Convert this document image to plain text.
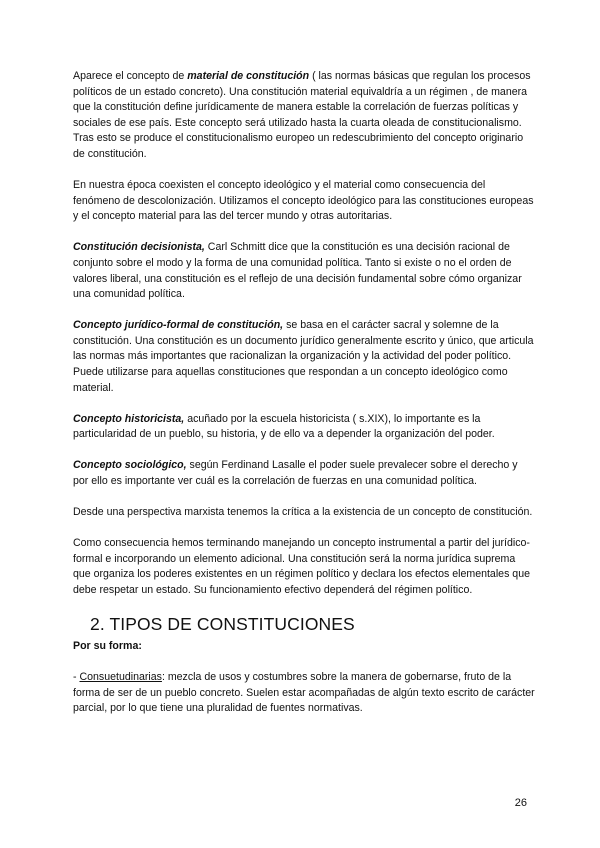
Aparece el concepto de material de constitución ( las normas básicas que regulan los procesos políticos de un estado concreto). Una constitución material equivaldría a un régimen , de manera que la constitución define jurídicamente de manera estable la correlación de fuerzas políticas y sociales de ese país. Este concepto será utilizado hasta la cuarta oleada de constitucionalismo.

Tras esto se produce el constitucionalismo europeo un redescubrimiento del concepto originario de constitución.

En nuestra época coexisten el concepto ideológico y el material como consecuencia del fenómeno de descolonización. Utilizamos el concepto ideológico para las constituciones europeas y el concepto material para las del tercer mundo y otras autoritarias.

Constitución decisionista, Carl Schmitt dice que la constitución es una decisión racional de conjunto sobre el modo y la forma de una comunidad política. Tanto si existe o no el orden de valores liberal, una constitución es el reflejo de una decisión fundamental sobre cómo organizar una comunidad política.

Concepto jurídico-formal de constitución, se basa en el carácter sacral y solemne de la constitución. Una constitución es un documento jurídico generalmente escrito y único, que articula las normas más importantes que racionalizan la organización y la actividad del poder político. Puede utilizarse para aquellas constituciones que respondan a un concepto ideológico como material.

Concepto historicista, acuñado por la escuela historicista ( s.XIX), lo importante es la particularidad de un pueblo, su historia, y de ello va a depender la organización del poder.

Concepto sociológico, según Ferdinand Lasalle el poder suele prevalecer sobre el derecho y por ello es importante ver cuál es la correlación de fuerzas en una comunidad política.

Desde una perspectiva marxista tenemos la crítica a la existencia de un concepto de constitución.

Como consecuencia hemos terminando manejando un concepto instrumental a partir del jurídico-formal e incorporando un elemento adicional. Una constitución será la norma jurídica suprema que organiza los poderes existentes en un régimen político y declara los efectos elementales que debe respetar un estado. Su funcionamiento efectivo dependerá del régimen político.

2. TIPOS DE CONSTITUCIONES

Por su forma:

- Consuetudinarias: mezcla de usos y costumbres sobre la manera de gobernarse, fruto de la forma de ser de un pueblo concreto. Suelen estar acompañadas de algún texto escrito de carácter parcial, por lo que tiene una pluralidad de fuentes normativas.

26
